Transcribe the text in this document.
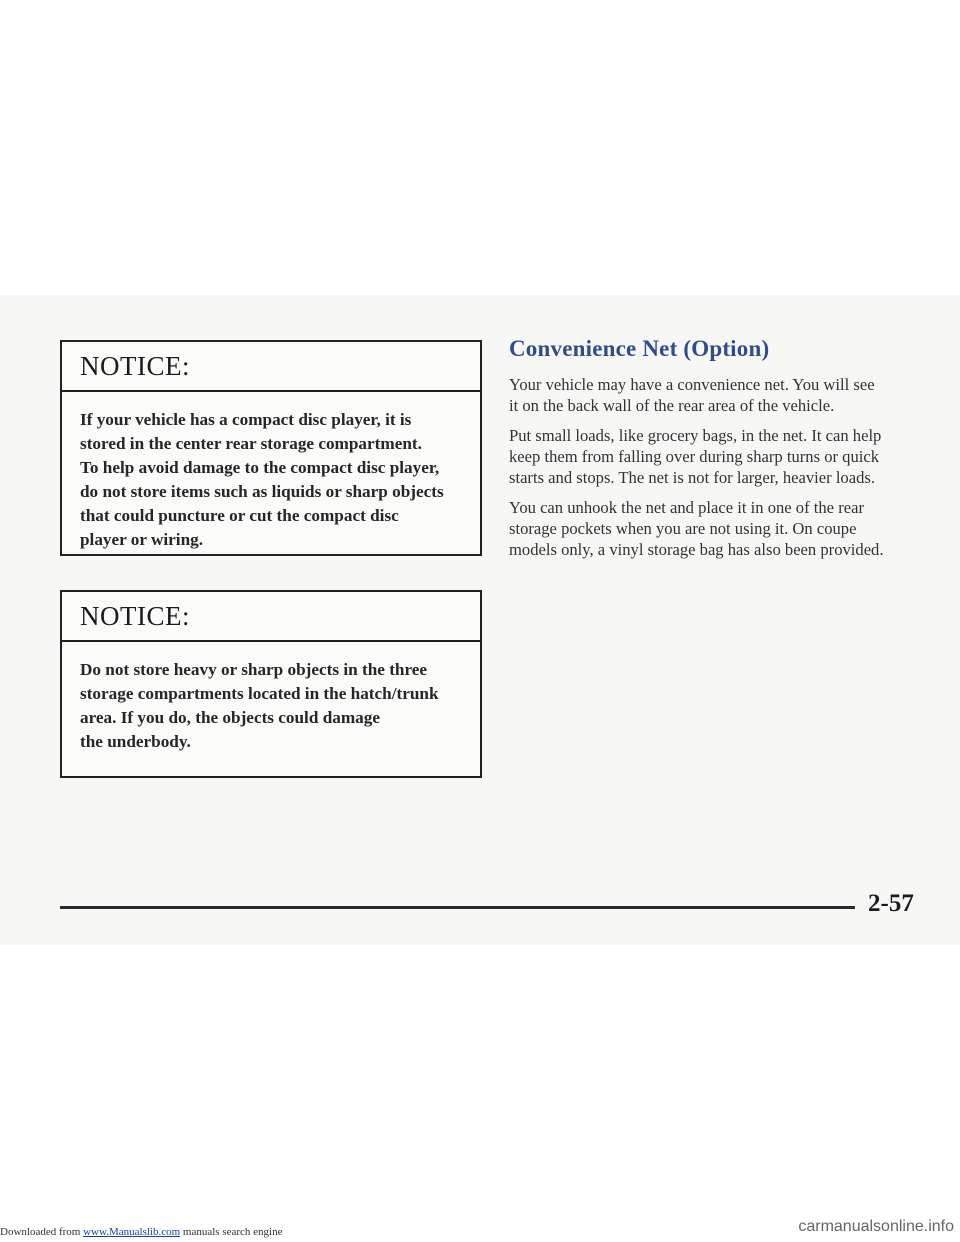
NOTICE:
If your vehicle has a compact disc player, it is
stored in the center rear storage compartment.
To help avoid damage to the compact disc player,
do not store items such as liquids or sharp objects
that could puncture or cut the compact disc
player or wiring.
NOTICE:
Do not store heavy or sharp objects in the three
storage compartments located in the hatch/trunk
area. If you do, the objects could damage
the underbody.
Convenience Net (Option)

Your vehicle may have a convenience net. You will see
it on the back wall of the rear area of the vehicle.

Put small loads, like grocery bags, in the net. It can help
keep them from falling over during sharp turns or quick
starts and stops. The net is not for larger, heavier loads.

You can unhook the net and place it in one of the rear
storage pockets when you are not using it. On coupe
models only, a vinyl storage bag has also been provided.

2-57
Downloaded from www.Manualslib.com manuals search engine	carmanualsonline.info
